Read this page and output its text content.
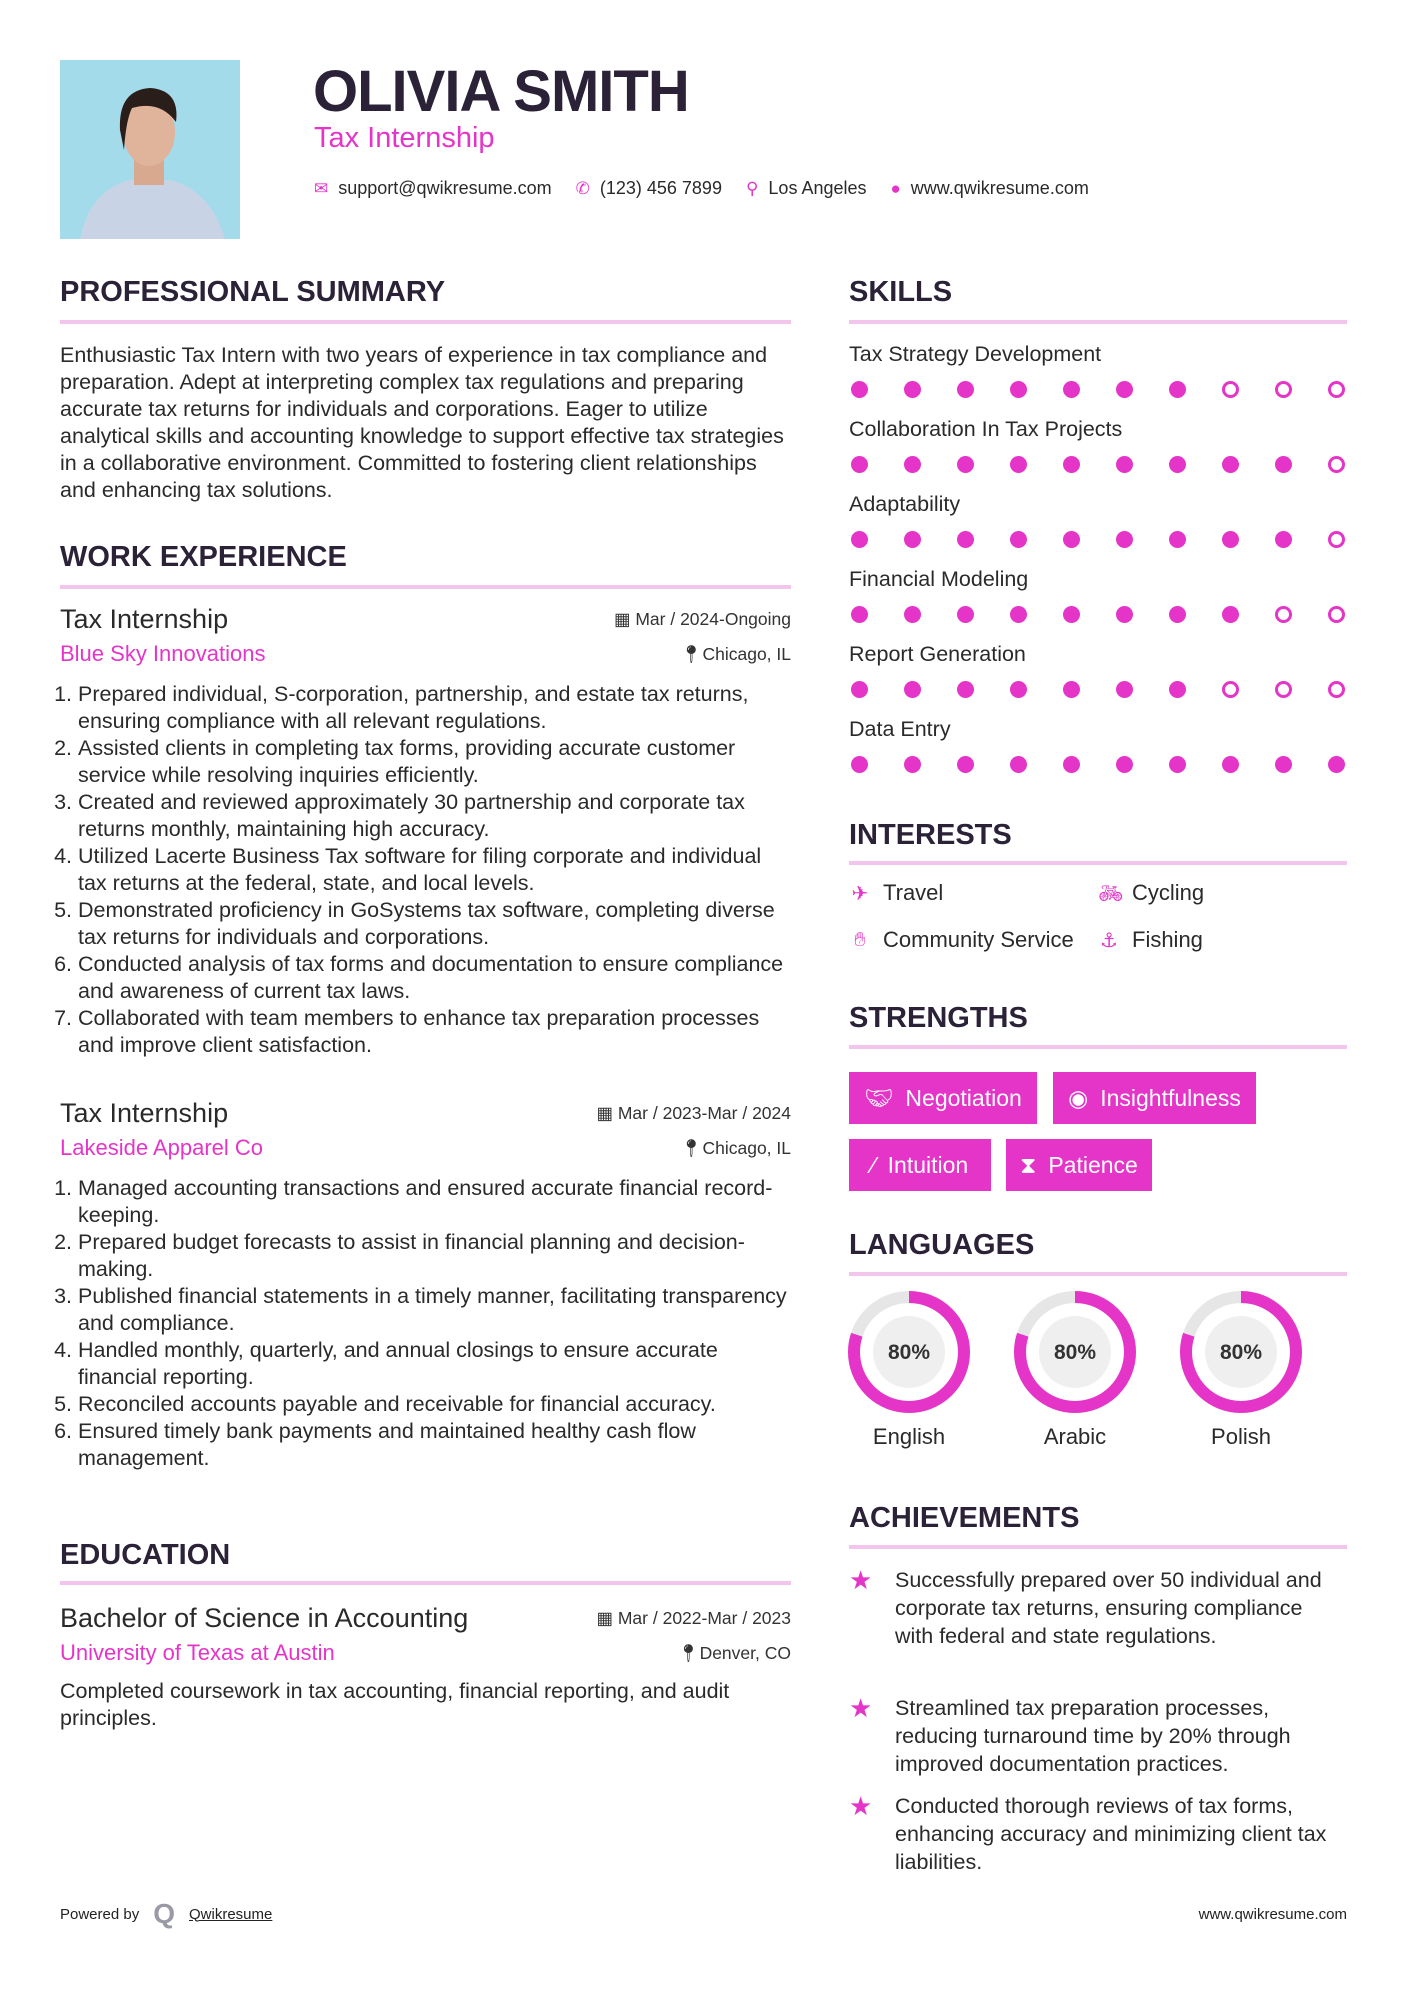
OLIVIA SMITH
Tax Internship
✉ support@qwikresume.com ✆ (123) 456 7899 ⚲ Los Angeles ● www.qwikresume.com
PROFESSIONAL SUMMARY
Enthusiastic Tax Intern with two years of experience in tax compliance and preparation. Adept at interpreting complex tax regulations and preparing accurate tax returns for individuals and corporations. Eager to utilize analytical skills and accounting knowledge to support effective tax strategies in a collaborative environment. Committed to fostering client relationships and enhancing tax solutions.
WORK EXPERIENCE
Tax Internship	▦ Mar / 2024-Ongoing
Blue Sky Innovations	📍︎Chicago, IL
1. Prepared individual, S-corporation, partnership, and estate tax returns, ensuring compliance with all relevant regulations.
2. Assisted clients in completing tax forms, providing accurate customer service while resolving inquiries efficiently.
3. Created and reviewed approximately 30 partnership and corporate tax returns monthly, maintaining high accuracy.
4. Utilized Lacerte Business Tax software for filing corporate and individual tax returns at the federal, state, and local levels.
5. Demonstrated proficiency in GoSystems tax software, completing diverse tax returns for individuals and corporations.
6. Conducted analysis of tax forms and documentation to ensure compliance and awareness of current tax laws.
7. Collaborated with team members to enhance tax preparation processes and improve client satisfaction.
Tax Internship	▦ Mar / 2023-Mar / 2024
Lakeside Apparel Co	📍︎Chicago, IL
1. Managed accounting transactions and ensured accurate financial record-keeping.
2. Prepared budget forecasts to assist in financial planning and decision-making.
3. Published financial statements in a timely manner, facilitating transparency and compliance.
4. Handled monthly, quarterly, and annual closings to ensure accurate financial reporting.
5. Reconciled accounts payable and receivable for financial accuracy.
6. Ensured timely bank payments and maintained healthy cash flow management.
EDUCATION
Bachelor of Science in Accounting	▦ Mar / 2022-Mar / 2023
University of Texas at Austin	📍︎Denver, CO
Completed coursework in tax accounting, financial reporting, and audit principles.
SKILLS
Tax Strategy Development
Collaboration In Tax Projects
Adaptability
Financial Modeling
Report Generation
Data Entry
INTERESTS
✈ Travel	🚲︎ Cycling
✋︎ Community Service ⚓︎ Fishing
STRENGTHS
🤝︎ Negotiation ◉ Insightfulness
⁄ Intuition ⧗ Patience
LANGUAGES
80%
English
80%
Arabic
80%
Polish
ACHIEVEMENTS
★	Successfully prepared over 50 individual and corporate tax returns, ensuring compliance with federal and state regulations.
★	Streamlined tax preparation processes, reducing turnaround time by 20% through improved documentation practices.
★	Conducted thorough reviews of tax forms, enhancing accuracy and minimizing client tax liabilities.
Powered by Q Qwikresume	www.qwikresume.com
